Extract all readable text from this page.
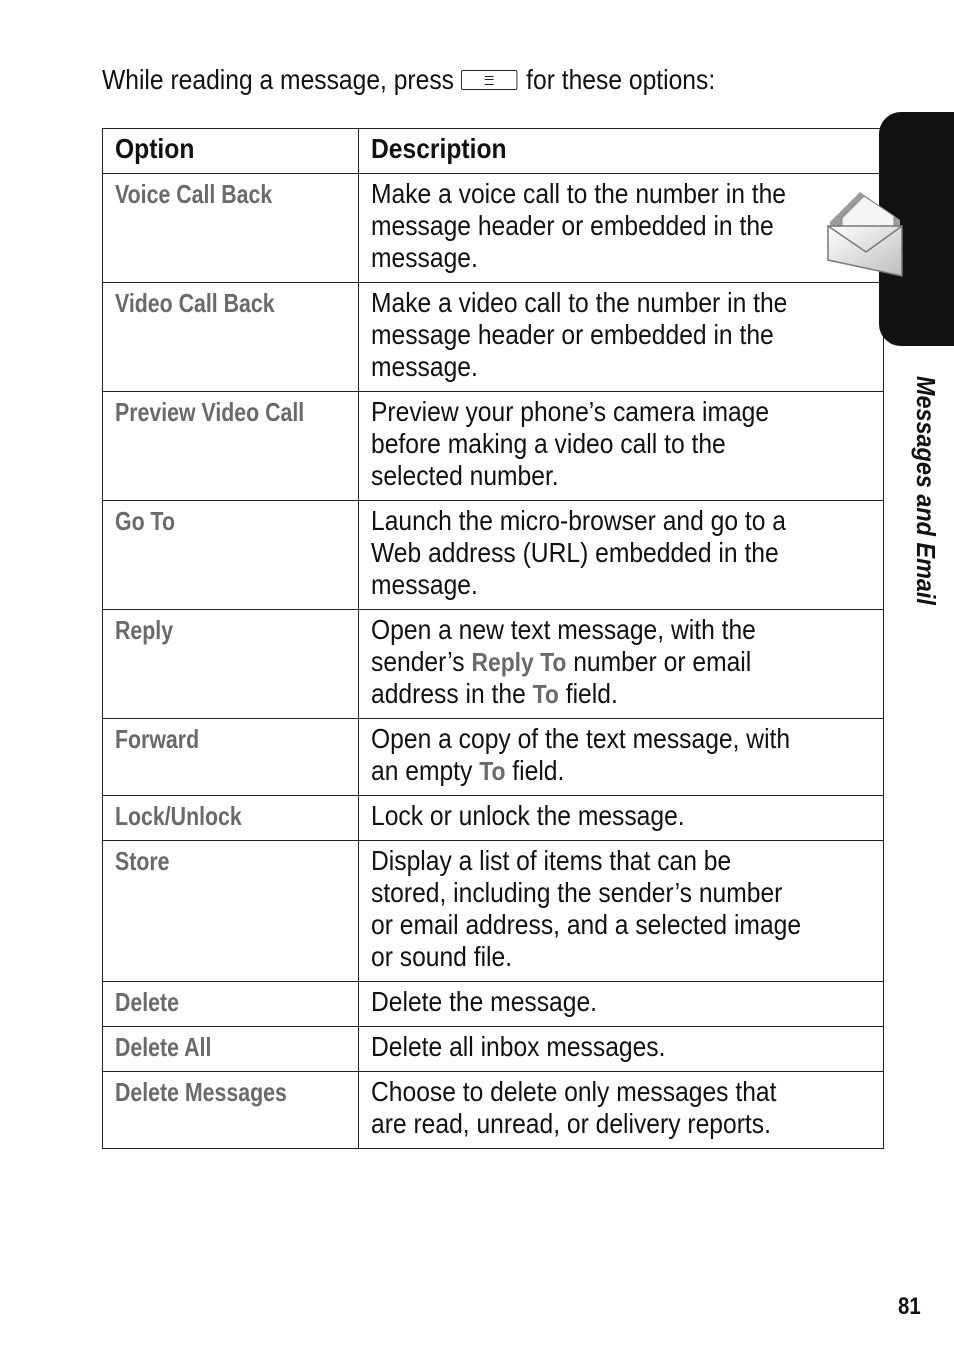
While reading a message, press	for these options:
Option	Description
Voice Call Back	Make a voice call to the number in the message header or embedded in the message.
Video Call Back	Make a video call to the number in the message header or embedded in the message.
Preview Video Call	Preview your phone’s camera image before making a video call to the selected number.
Go To	Launch the micro-browser and go to a Web address (URL) embedded in the message.
Reply	Open a new text message, with the sender’s Reply To number or email address in the To field.
Forward	Open a copy of the text message, with an empty To field.
Lock/Unlock	Lock or unlock the message.
Store	Display a list of items that can be stored, including the sender’s number or email address, and a selected image or sound file.
Delete	Delete the message.
Delete All	Delete all inbox messages.
Delete Messages	Choose to delete only messages that are read, unread, or delivery reports.
Messages and Email
81
